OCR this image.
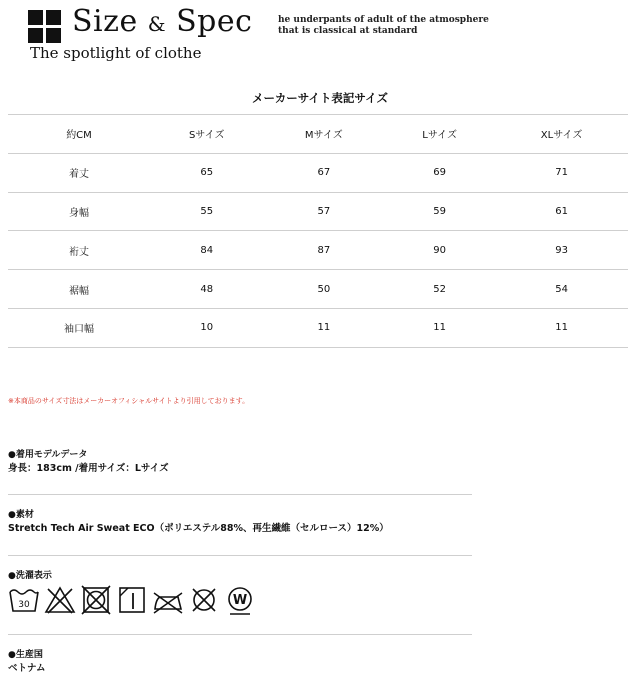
Size & Spec
The spotlight of clothe
he underpants of adult of the atmosphere
that is classical at standard
メーカーサイト表記サイズ
約CM	Sサイズ	Mサイズ	Lサイズ	XLサイズ
着丈	65	67	69	71
身幅	55	57	59	61
裄丈	84	87	90	93
裾幅	48	50	52	54
袖口幅	10	11	11	11
※本商品のサイズ寸法はメーカーオフィシャルサイトより引用しております。
●着用モデルデータ
身長：183cm /着用サイズ：Lサイズ
●素材
Stretch Tech Air Sweat ECO（ポリエステル88%、再生繊維（セルロース）12%）
●洗濯表示
30	W
●生産国
ベトナム
